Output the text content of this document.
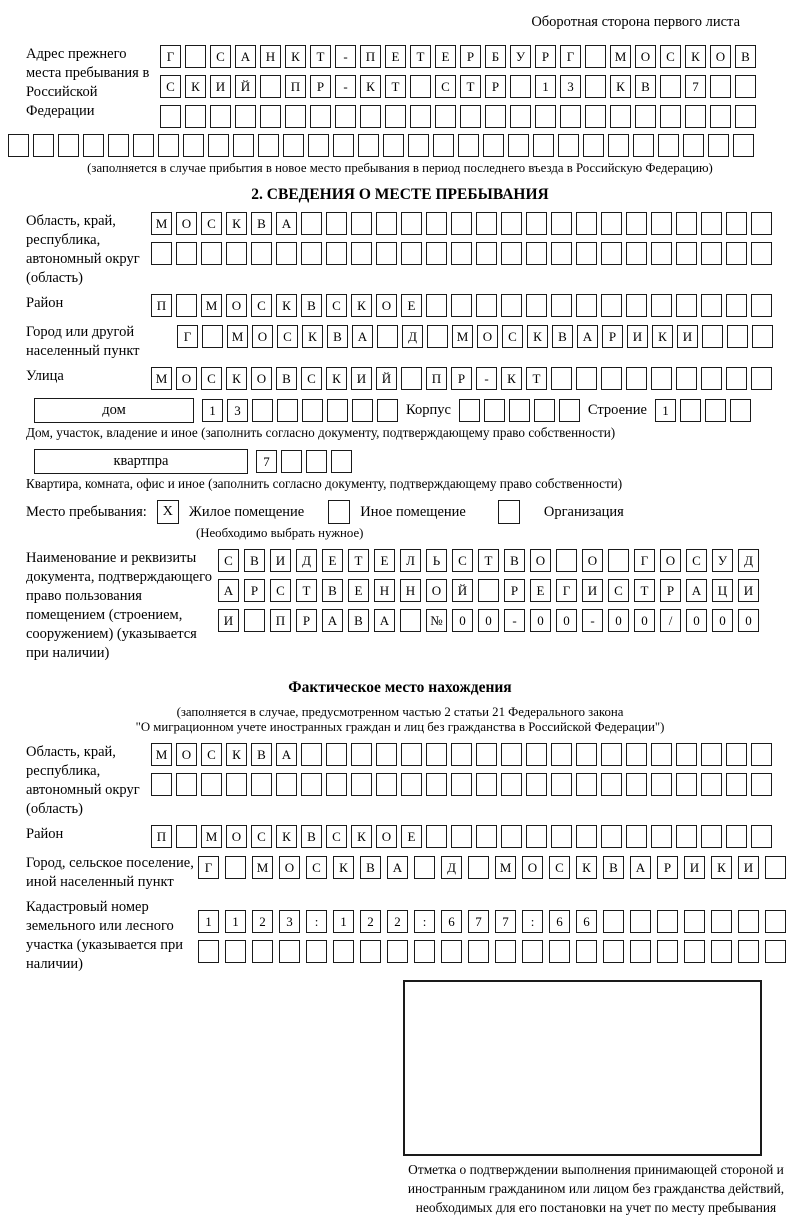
Оборотная сторона первого листа
Адрес прежнего места пребывания в Российской Федерации
Г	С	А	Н	К	Т	-	П	Е	Т	Е	Р	Б	У	Р	Г	М	О	С	К	О	В
С	К	И	Й	П	Р	-	К	Т	С	Т	Р	1	3	К	В	7
(заполняется в случае прибытия в новое место пребывания в период последнего въезда в Российскую Федерацию)
2. СВЕДЕНИЯ О МЕСТЕ ПРЕБЫВАНИЯ
Область, край, республика, автономный округ (область)
М	О	С	К	В	А
Район	П	М	О	С	К	В	С	К	О	Е
Город или другой населенный пункт
Г	М	О	С	К	В	А	Д	М	О	С	К	В	А	Р	И	К	И
Улица	М	О	С	К	О	В	С	К	И	Й	П	Р	-	К	Т
дом	1	3	Корпус	Строение	1
Дом, участок, владение и иное (заполнить согласно документу, подтверждающему право собственности)
квартпра	7
Квартира, комната, офис и иное (заполнить согласно документу, подтверждающему право собственности)
Место пребывания:	X	Жилое помещение	Иное помещение	Организация
(Необходимо выбрать нужное)
Наименование и реквизиты документа, подтверждающего право пользования помещением (строением, сооружением) (указывается при наличии)
С	В	И	Д	Е	Т	Е	Л	Ь	С	Т	В	О	О	Г	О	С	У	Д
А	Р	С	Т	В	Е	Н	Н	О	Й	Р	Е	Г	И	С	Т	Р	А	Ц	И
И	П	Р	А	В	А	№	0	0	-	0	0	-	0	0	/	0	0	0
Фактическое место нахождения
(заполняется в случае, предусмотренном частью 2 статьи 21 Федерального закона
"О миграционном учете иностранных граждан и лиц без гражданства в Российской Федерации")
Область, край, республика, автономный округ (область)
М	О	С	К	В	А
Район	П	М	О	С	К	В	С	К	О	Е
Город, сельское поселение, иной населенный пункт
Г	М	О	С	К	В	А	Д	М	О	С	К	В	А	Р	И	К	И
Кадастровый номер земельного или лесного участка (указывается при наличии)
1	1	2	3	:	1	2	2	:	6	7	7	:	6	6
Отметка о подтверждении выполнения принимающей стороной и иностранным гражданином или лицом без гражданства действий, необходимых для его постановки на учет по месту пребывания
